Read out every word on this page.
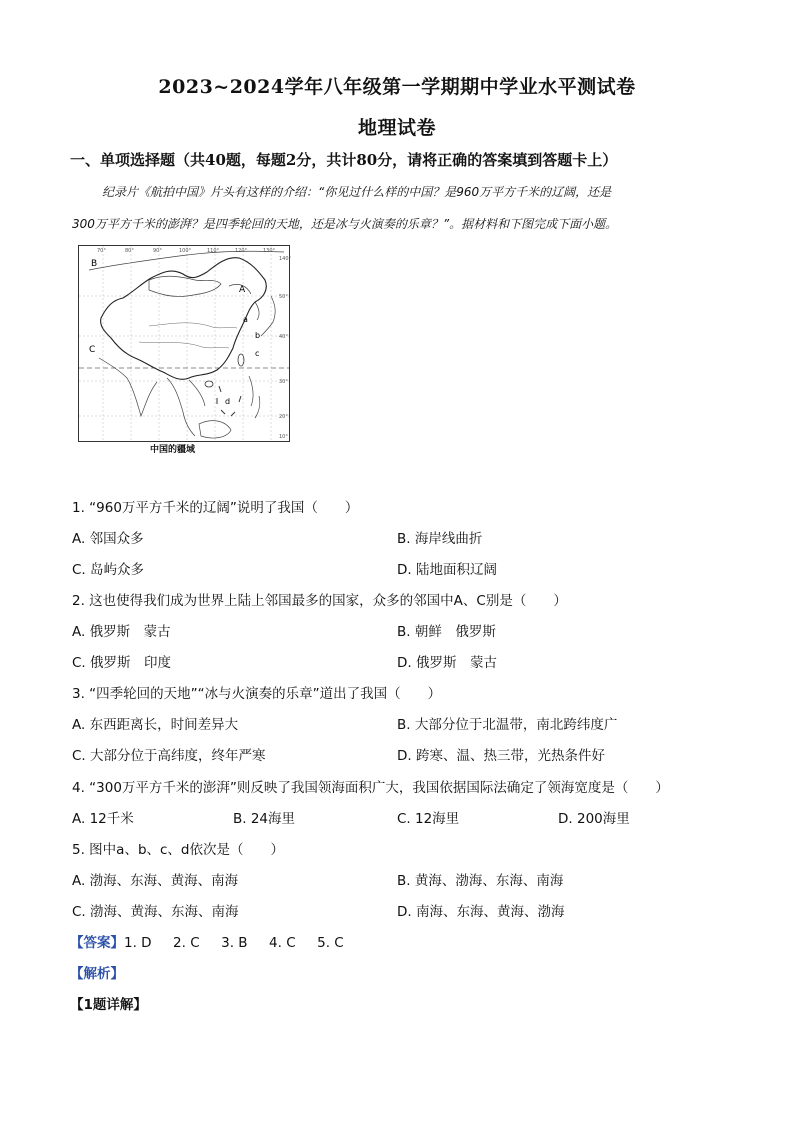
2023~2024学年八年级第一学期期中学业水平测试卷
地理试卷
一、单项选择题（共40题，每题2分，共计80分，请将正确的答案填到答题卡上）
纪录片《航拍中国》片头有这样的介绍：“你见过什么样的中国？是960万平方千米的辽阔，还是
300万平方千米的澎湃？是四季轮回的天地，还是冰与火演奏的乐章？”。据材料和下图完成下面小题。
B
A
C
a
b
c
d
70°	80°	90°	100°	110°	120°	130°
140°
50°
40°
30°
20°
10°
中国的疆域
1. “960万平方千米的辽阔”说明了我国（　　）
A. 邻国众多	B. 海岸线曲折
C. 岛屿众多	D. 陆地面积辽阔
2. 这也使得我们成为世界上陆上邻国最多的国家，众多的邻国中A、C别是（　　）
A. 俄罗斯　蒙古	B. 朝鲜　俄罗斯
C. 俄罗斯　印度	D. 俄罗斯　蒙古
3. “四季轮回的天地”“冰与火演奏的乐章”道出了我国（　　）
A. 东西距离长，时间差异大	B. 大部分位于北温带，南北跨纬度广
C. 大部分位于高纬度，终年严寒	D. 跨寒、温、热三带，光热条件好
4. “300万平方千米的澎湃”则反映了我国领海面积广大，我国依据国际法确定了领海宽度是（　　）
A. 12千米	B. 24海里	C. 12海里	D. 200海里
5. 图中a、b、c、d依次是（　　）
A. 渤海、东海、黄海、南海	B. 黄海、渤海、东海、南海
C. 渤海、黄海、东海、南海	D. 南海、东海、黄海、渤海
【答案】1. D 2. C 3. B 4. C 5. C
【解析】
【1题详解】
